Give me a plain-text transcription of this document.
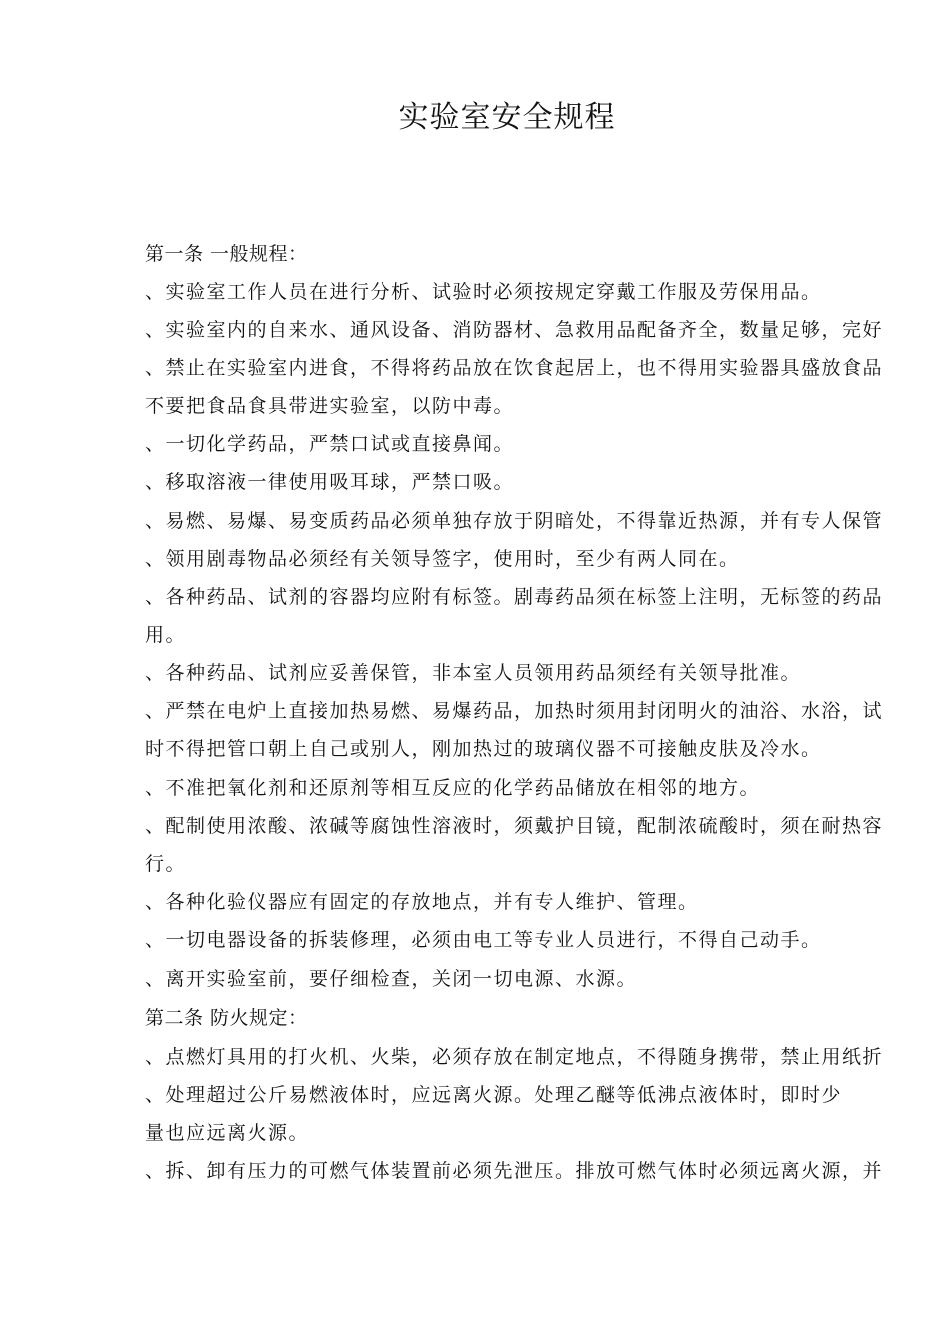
实验室安全规程
第一条 一般规程：
、实验室工作人员在进行分析、试验时必须按规定穿戴工作服及劳保用品。
、实验室内的自来水、通风设备、消防器材、急救用品配备齐全，数量足够，完好
、禁止在实验室内进食，不得将药品放在饮食起居上，也不得用实验器具盛放食品
不要把食品食具带进实验室，以防中毒。
、一切化学药品，严禁口试或直接鼻闻。
、移取溶液一律使用吸耳球，严禁口吸。
、易燃、易爆、易变质药品必须单独存放于阴暗处，不得靠近热源，并有专人保管
、领用剧毒物品必须经有关领导签字，使用时，至少有两人同在。
、各种药品、试剂的容器均应附有标签。剧毒药品须在标签上注明，无标签的药品
用。
、各种药品、试剂应妥善保管，非本室人员领用药品须经有关领导批准。
、严禁在电炉上直接加热易燃、易爆药品，加热时须用封闭明火的油浴、水浴，试
时不得把管口朝上自己或别人，刚加热过的玻璃仪器不可接触皮肤及冷水。
、不准把氧化剂和还原剂等相互反应的化学药品储放在相邻的地方。
、配制使用浓酸、浓碱等腐蚀性溶液时，须戴护目镜，配制浓硫酸时，须在耐热容
行。
、各种化验仪器应有固定的存放地点，并有专人维护、管理。
、一切电器设备的拆装修理，必须由电工等专业人员进行，不得自己动手。
、离开实验室前，要仔细检查，关闭一切电源、水源。
第二条 防火规定：
、点燃灯具用的打火机、火柴，必须存放在制定地点，不得随身携带，禁止用纸折
、处理超过公斤易燃液体时，应远离火源。处理乙醚等低沸点液体时，即时少
量也应远离火源。
、拆、卸有压力的可燃气体装置前必须先泄压。排放可燃气体时必须远离火源，并
